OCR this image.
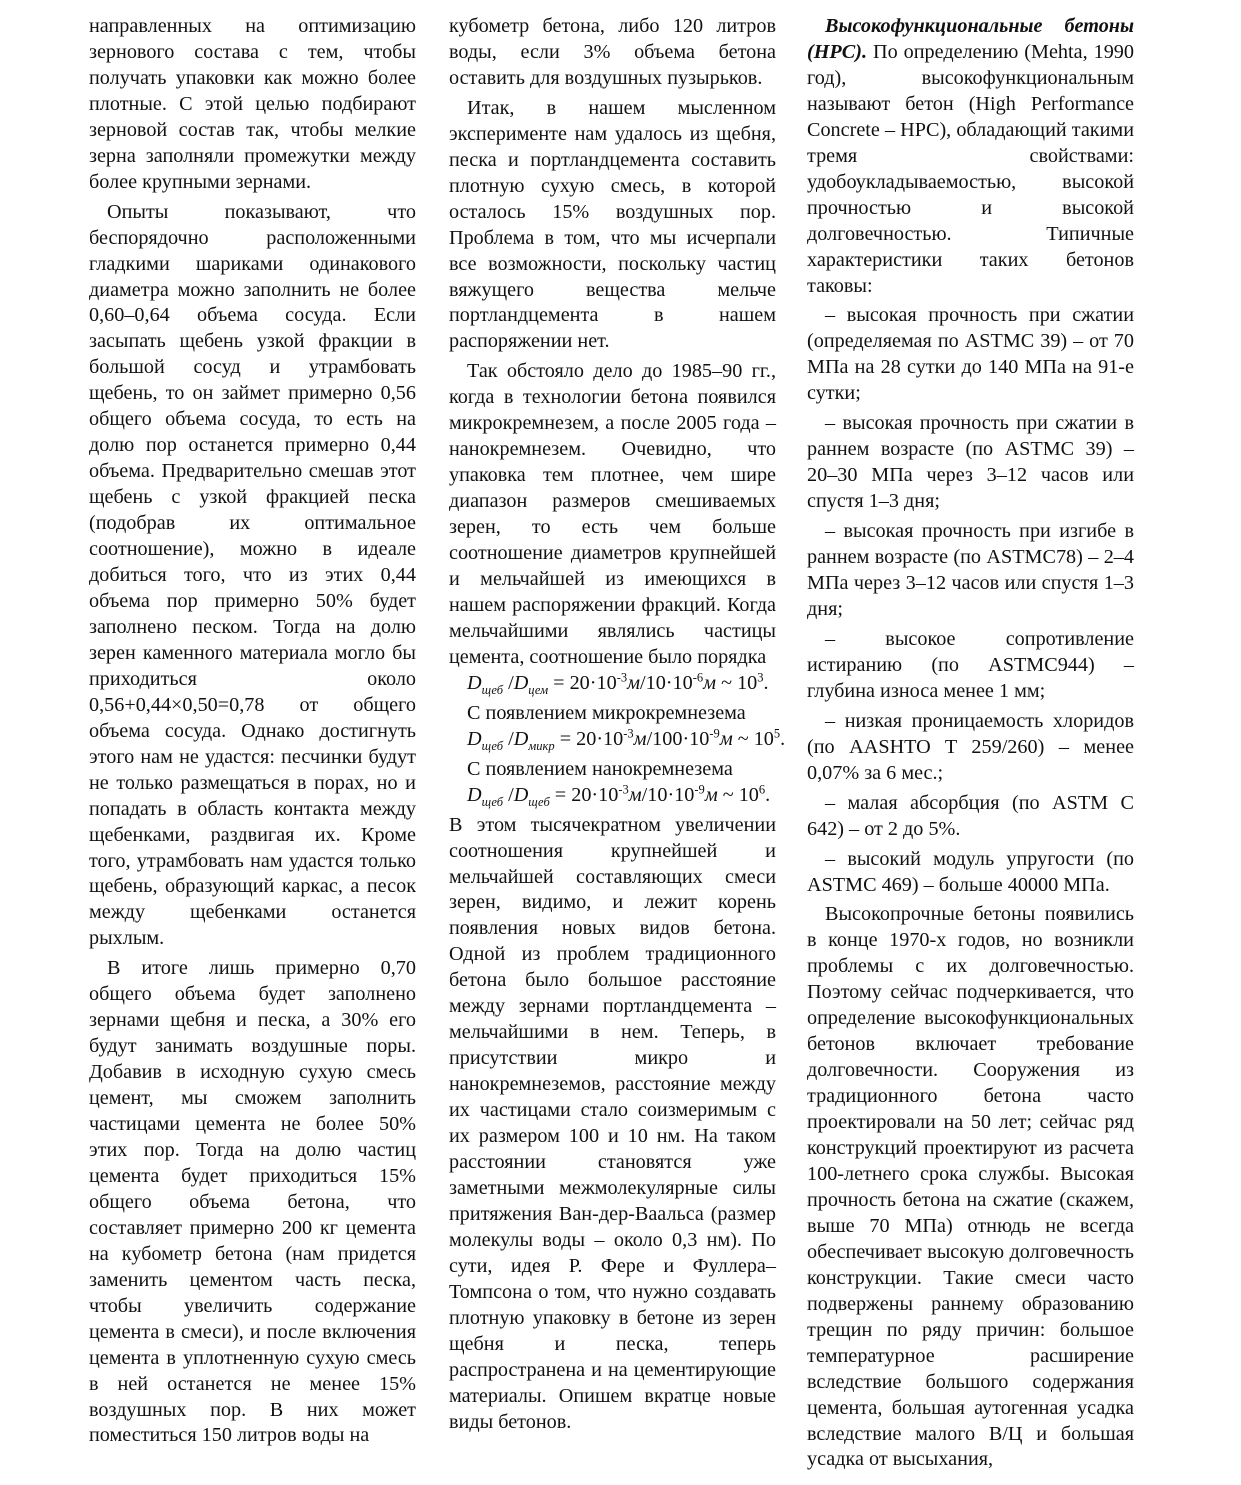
направленных на оптимизацию зернового состава с тем, чтобы получать упаковки как можно более плотные. С этой целью подбирают зерновой состав так, чтобы мелкие зерна заполняли промежутки между более крупными зернами.

Опыты показывают, что беспорядочно расположенными гладкими шариками одинакового диаметра можно заполнить не более 0,60–0,64 объема сосуда. Если засыпать щебень узкой фракции в большой сосуд и утрамбовать щебень, то он займет примерно 0,56 общего объема сосуда, то есть на долю пор останется примерно 0,44 объема. Предварительно смешав этот щебень с узкой фракцией песка (подобрав их оптимальное соотношение), можно в идеале добиться того, что из этих 0,44 объема пор примерно 50% будет заполнено песком. Тогда на долю зерен каменного материала могло бы приходиться около 0,56+0,44×0,50=0,78 от общего объема сосуда. Однако достигнуть этого нам не удастся: песчинки будут не только размещаться в порах, но и попадать в область контакта между щебенками, раздвигая их. Кроме того, утрамбовать нам удастся только щебень, образующий каркас, а песок между щебенками останется рыхлым.

В итоге лишь примерно 0,70 общего объема будет заполнено зернами щебня и песка, а 30% его будут занимать воздушные поры. Добавив в исходную сухую смесь цемент, мы сможем заполнить частицами цемента не более 50% этих пор. Тогда на долю частиц цемента будет приходиться 15% общего объема бетона, что составляет примерно 200 кг цемента на кубометр бетона (нам придется заменить цементом часть песка, чтобы увеличить содержание цемента в смеси), и после включения цемента в уплотненную сухую смесь в ней останется не менее 15% воздушных пор. В них может поместиться 150 литров воды на

кубометр бетона, либо 120 литров воды, если 3% объема бетона оставить для воздушных пузырьков.

Итак, в нашем мысленном эксперименте нам удалось из щебня, песка и портландцемента составить плотную сухую смесь, в которой осталось 15% воздушных пор. Проблема в том, что мы исчерпали все возможности, поскольку частиц вяжущего вещества мельче портландцемента в нашем распоряжении нет.

Так обстояло дело до 1985–90 гг., когда в технологии бетона появился микрокремнезем, а после 2005 года – нанокремнезем. Очевидно, что упаковка тем плотнее, чем шире диапазон размеров смешиваемых зерен, то есть чем больше соотношение диаметров крупнейшей и мельчайшей из имеющихся в нашем распоряжении фракций. Когда мельчайшими являлись частицы цемента, соотношение было порядка

$D_{щеб}$ $/D_{цем} = 20\cdot 10^{-3}м/10\cdot 10^{-6}м$ ~ $10^3$.

С появлением микрокремнезема

$D_{щеб}$ $/D_{микр} = 20\cdot 10^{-3}м/100\cdot 10^{-9}м$ ~ $10^5$.

С появлением нанокремнезема

$D_{щеб}$ $/D_{щеб} = 20\cdot 10^{-3}м/10\cdot 10^{-9}м$ ~ $10^6$.

В этом тысячекратном увеличении соотношения крупнейшей и мельчайшей составляющих смеси зерен, видимо, и лежит корень появления новых видов бетона. Одной из проблем традиционного бетона было большое расстояние между зернами портландцемента – мельчайшими в нем. Теперь, в присутствии микро и нанокремнеземов, расстояние между их частицами стало соизмеримым с их размером 100 и 10 нм. На таком расстоянии становятся уже заметными межмолекулярные силы притяжения Ван-дер-Ваальса (размер молекулы воды – около 0,3 нм). По сути, идея Р. Фере и Фуллера–Томпсона о том, что нужно создавать плотную упаковку в бетоне из зерен щебня и песка, теперь распространена и на цементирующие материалы. Опишем вкратце новые виды бетонов.

Высокофункциональные бетоны (HPC). По определению (Mehta, 1990 год), высокофункциональным называют бетон (High Performance Concrete – HPC), обладающий такими тремя свойствами: удобоукладываемостью, высокой прочностью и высокой долговечностью. Типичные характеристики таких бетонов таковы:

– высокая прочность при сжатии (определяемая по ASTMC 39) – от 70 МПа на 28 сутки до 140 МПа на 91-е сутки;

– высокая прочность при сжатии в раннем возрасте (по ASTMC 39) – 20–30 МПа через 3–12 часов или спустя 1–3 дня;

– высокая прочность при изгибе в раннем возрасте (по ASTMC78) – 2–4 МПа через 3–12 часов или спустя 1–3 дня;

– высокое сопротивление истиранию (по ASTMC944) – глубина износа менее 1 мм;

– низкая проницаемость хлоридов (по AASHTO T 259/260) – менее 0,07% за 6 мес.;

– малая абсорбция (по ASTM C 642) – от 2 до 5%.

– высокий модуль упругости (по ASTMC 469) – больше 40000 МПа.

Высокопрочные бетоны появились в конце 1970-х годов, но возникли проблемы с их долговечностью. Поэтому сейчас подчеркивается, что определение высокофункциональных бетонов включает требование долговечности. Сооружения из традиционного бетона часто проектировали на 50 лет; сейчас ряд конструкций проектируют из расчета 100-летнего срока службы. Высокая прочность бетона на сжатие (скажем, выше 70 МПа) отнюдь не всегда обеспечивает высокую долговечность конструкции. Такие смеси часто подвержены раннему образованию трещин по ряду причин: большое температурное расширение вследствие большого содержания цемента, большая аутогенная усадка вследствие малого В/Ц и большая усадка от высыхания,
